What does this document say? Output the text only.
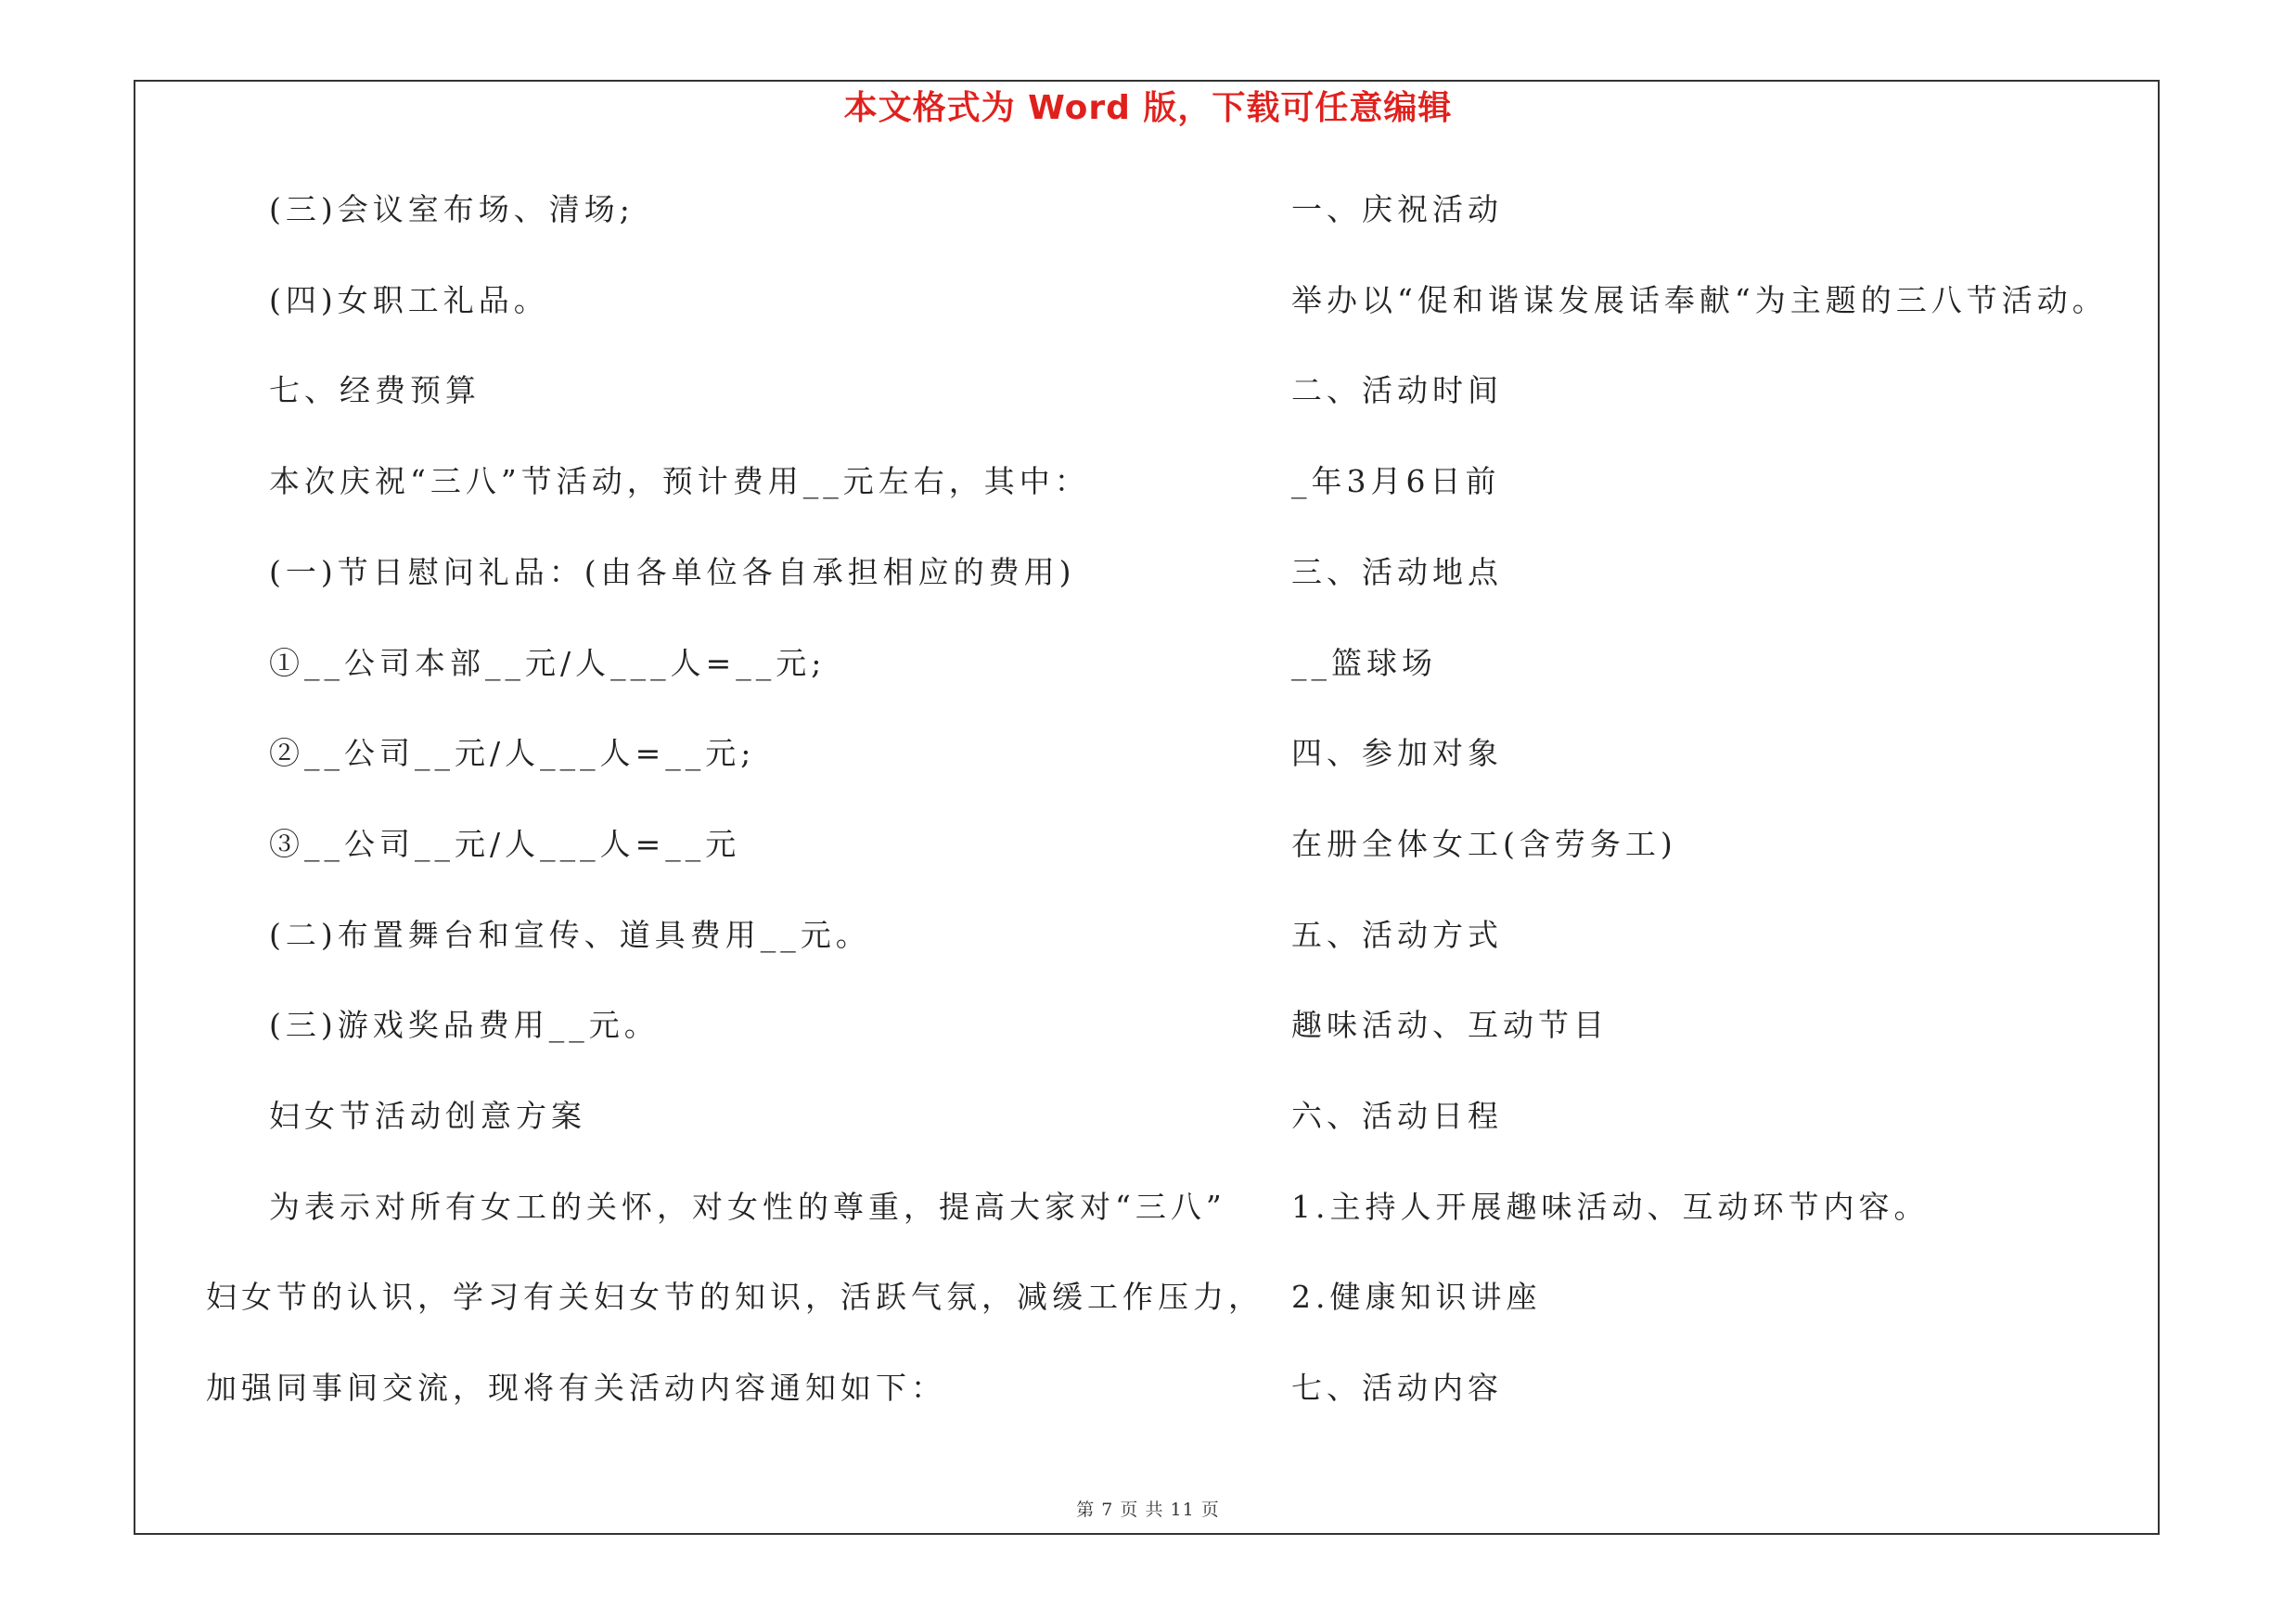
本文格式为 Word 版，下载可任意编辑
(三)会议室布场、清场;
(四)女职工礼品。
七、经费预算
本次庆祝“三八”节活动，预计费用__元左右，其中：
(一)节日慰问礼品：(由各单位各自承担相应的费用)
①__公司本部__元/人___人=__元;
②__公司__元/人___人=__元;
③__公司__元/人___人=__元
(二)布置舞台和宣传、道具费用__元。
(三)游戏奖品费用__元。
妇女节活动创意方案
为表示对所有女工的关怀，对女性的尊重，提高大家对“三八”
妇女节的认识，学习有关妇女节的知识，活跃气氛，减缓工作压力，
加强同事间交流，现将有关活动内容通知如下：
一、庆祝活动
举办以“促和谐谋发展话奉献“为主题的三八节活动。
二、活动时间
_年3月6日前
三、活动地点
__篮球场
四、参加对象
在册全体女工(含劳务工)
五、活动方式
趣味活动、互动节目
六、活动日程
1.主持人开展趣味活动、互动环节内容。
2.健康知识讲座
七、活动内容
第 7 页 共 11 页
